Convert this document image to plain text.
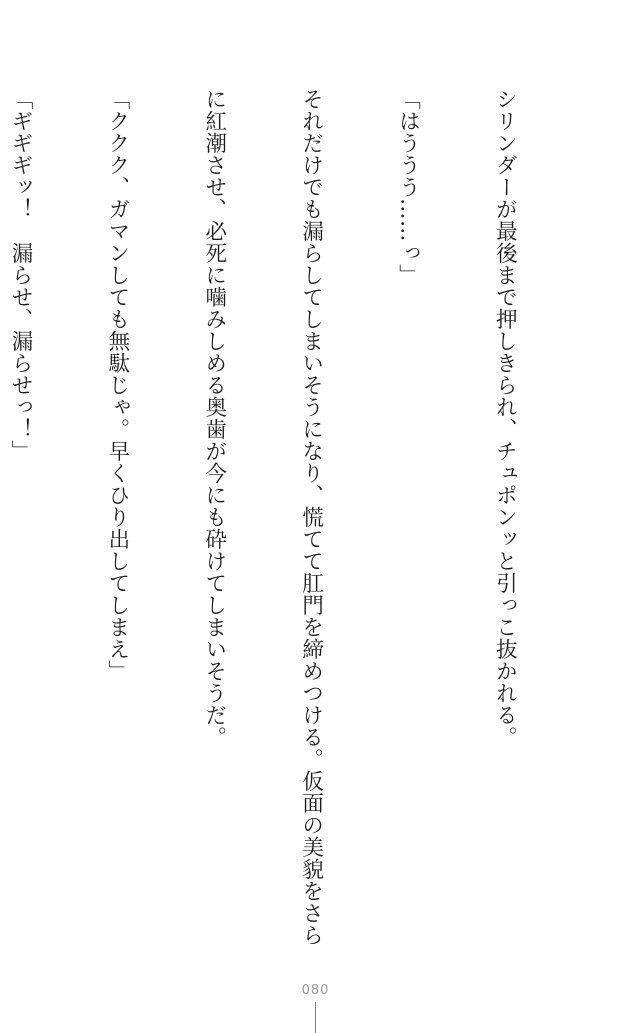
シリンダーが最後まで押しきられ、チュポンッと引っこ抜かれる。

「はううう……っ」

それだけでも漏らしてしまいそうになり、慌てて肛門を締めつける。仮面の美貌をさら

に紅潮させ、必死に噛みしめる奥歯が今にも砕けてしまいそうだ。

「ククク、ガマンしても無駄じゃ。早くひり出してしまえ」

「ギギギッ！　漏らせ、漏らせっ！」

080
